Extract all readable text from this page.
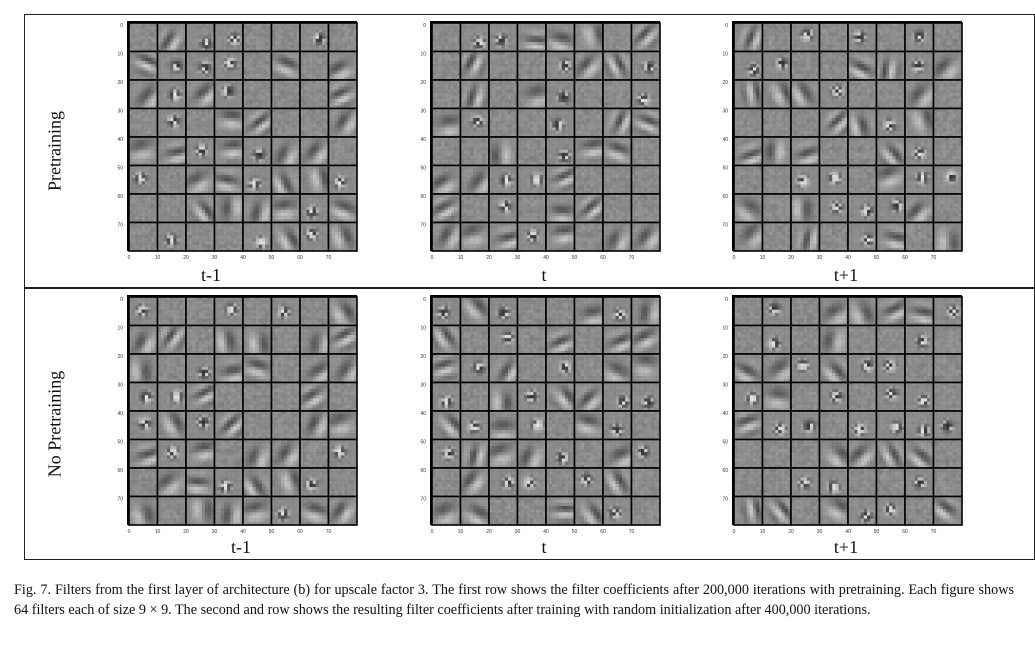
Pretraining
0
10
20
30
40
50
60
70
0	10	20	30	40	50	60	70
t-1
0
10
20
30
40
50
60
70
0	10	20	30	40	50	60	70
t
0
10
20
30
40
50
60
70
0	10	20	30	40	50	60	70
t+1
No Pretraining
0
10
20
30
40
50
60
70
0	10	20	30	40	50	60	70
t-1
0
10
20
30
40
50
60
70
0	10	20	30	40	50	60	70
t
0
10
20
30
40
50
60
70
0	10	20	30	40	50	60	70
t+1
Fig. 7. Filters from the first layer of architecture (b) for upscale factor 3. The first row shows the filter coefficients after 200,000 iterations with pretraining. Each figure shows 64 filters each of size 9 × 9. The second and row shows the resulting filter coefficients after training with random initialization after 400,000 iterations.
